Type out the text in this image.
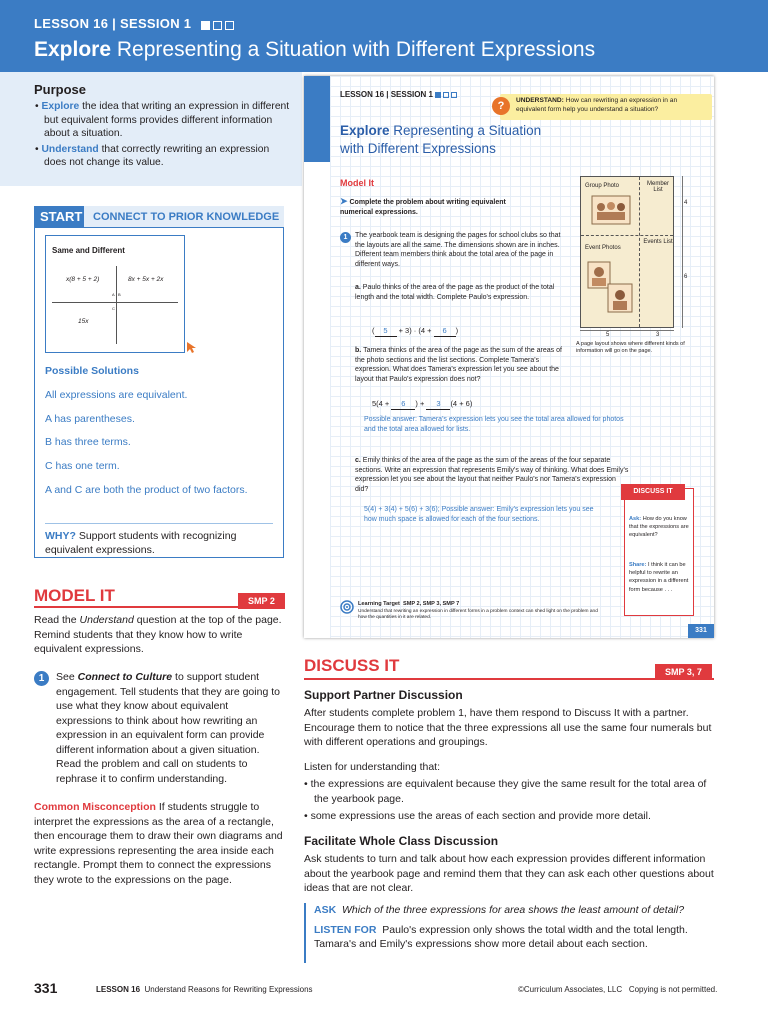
LESSON 16 | SESSION 1
Explore Representing a Situation with Different Expressions
Purpose
• Explore the idea that writing an expression in different but equivalent forms provides different information about a situation.
• Understand that correctly rewriting an expression does not change its value.
START CONNECT TO PRIOR KNOWLEDGE
Same and Different
x(8 + 5 + 2)	8x + 5x + 2x
15x
A B
C
Possible Solutions
All expressions are equivalent.
A has parentheses.
B has three terms.
C has one term.
A and C are both the product of two factors.
WHY? Support students with recognizing equivalent expressions.
MODEL IT	SMP 2
Read the Understand question at the top of the page. Remind students that they know how to write equivalent expressions.
1	See Connect to Culture to support student engagement. Tell students that they are going to use what they know about equivalent expressions to think about how rewriting an expression in an equivalent form can provide different information about a given situation. Read the problem and call on students to rephrase it to confirm understanding.
Common Misconception If students struggle to interpret the expressions as the area of a rectangle, then encourage them to draw their own diagrams and write expressions representing the area inside each rectangle. Prompt them to connect the expressions they wrote to the expressions on the page.
LESSON 16 | SESSION 1
?	UNDERSTAND: How can rewriting an expression in an equivalent form help you understand a situation?
Explore Representing a Situation
with Different Expressions
Model It
➤ Complete the problem about writing equivalent numerical expressions.
1	The yearbook team is designing the pages for school clubs so that the layouts are all the same. The dimensions shown are in inches. Different team members think about the total area of the page in different ways.
a. Paulo thinks of the area of the page as the product of the total length and the total width. Complete Paulo's expression.
( 5 + 3) · (4 + 6 )
b. Tamera thinks of the area of the page as the sum of the areas of the photo sections and the list sections. Complete Tamera's expression. What does Tamera's expression let you see about the layout that Paulo's expression does not?
5(4 + 6 ) + 3 (4 + 6)
Possible answer: Tamera's expression lets you see the total area allowed for photos and the total area allowed for lists.
c. Emily thinks of the area of the page as the sum of the areas of the four separate sections. Write an expression that represents Emily's way of thinking. What does Emily's expression let you see about the layout that neither Paulo's nor Tamera's expression did?
5(4) + 3(4) + 5(6) + 3(6); Possible answer: Emily's expression lets you see how much space is allowed for each of the four sections.
Group Photo	Member List
Event Photos
Events List
4
6
5	3
A page layout shows where different kinds of information will go on the page.
DISCUSS IT
Ask: How do you know that the expressions are equivalent?
Share: I think it can be helpful to rewrite an expression in a different form because . . .
Learning Target SMP 2, SMP 3, SMP 7
Understand that rewriting an expression in different forms in a problem context can shed light on the problem and how the quantities in it are related.
331
DISCUSS IT	SMP 3, 7
Support Partner Discussion
After students complete problem 1, have them respond to Discuss It with a partner. Encourage them to notice that the three expressions all use the same four numerals but with different operations and groupings.
Listen for understanding that:
• the expressions are equivalent because they give the same result for the total area of the yearbook page.
• some expressions use the areas of each section and provide more detail.
Facilitate Whole Class Discussion
Ask students to turn and talk about how each expression provides different information about the yearbook page and remind them that they can ask each other questions about ideas that are not clear.
ASK Which of the three expressions for area shows the least amount of detail?
LISTEN FOR Paulo's expression only shows the total width and the total length. Tamara's and Emily's expressions show more detail about each section.
331	LESSON 16 Understand Reasons for Rewriting Expressions	©Curriculum Associates, LLC   Copying is not permitted.
